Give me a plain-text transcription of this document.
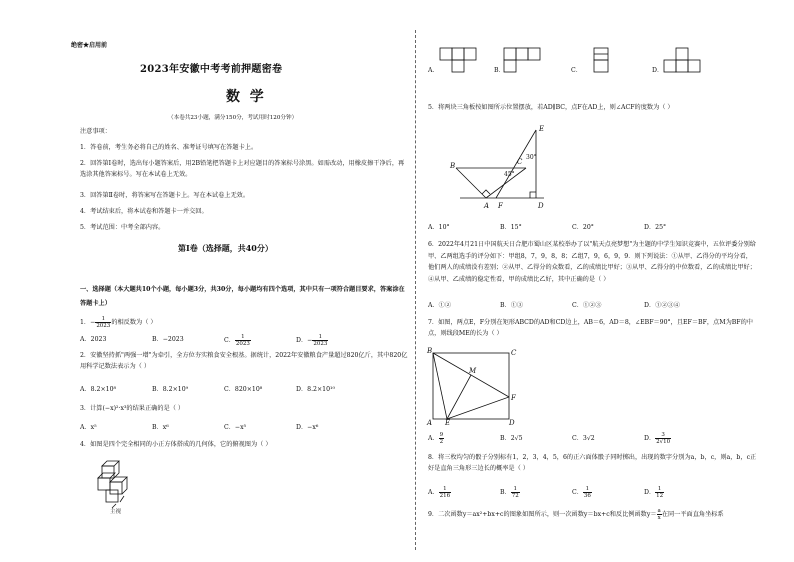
绝密★启用前
2023年安徽中考考前押题密卷
数  学
（本卷共23小题，满分150分，考试用时120分钟）
注意事项：
1．答卷前，考生务必将自己的姓名、准考证号填写在答题卡上。
2．回答第Ⅰ卷时，选出每小题答案后，用2B铅笔把答题卡上对应题目的答案标号涂黑。如需改动，用橡皮擦干净后，再选涂其他答案标号。写在本试卷上无效。
3．回答第Ⅱ卷时，将答案写在答题卡上。写在本试卷上无效。
4．考试结束后，将本试卷和答题卡一并交回。
5．考试范围：中考全部内容。
第Ⅰ卷（选择题，共40分）
一、选择题（本大题共10个小题，每小题3分，共30分，每小题均有四个选项，其中只有一项符合题目要求，答案涂在答题卡上）
1．− $\frac{1}{2023}$ 的相反数为（ ）
A．2023	B．−2023	C． $\frac{1}{2023}$	D．− $\frac{1}{2023}$
2．安徽坚持抓"两强一增"为牵引，全方位夯实粮食安全根基。据统计，2022年安徽粮食产量超过820亿斤，其中820亿用科学记数法表示为（ ）
A．8.2×10⁸	B．8.2×10⁹	C．820×10⁸	D．8.2×10¹⁰
3．计算(−x)²·x³的结果正确的是（ ）
A．x⁵	B．x⁶	C．−x⁵	D．−x⁶
4．如图是四个完全相同的小正方体搭成的几何体，它的俯视图为（ ）
主视
A．	B．	C．	D．
5．将两块三角板按如图所示位置摆放，若AD∥BC，点F在AD上，则∠ACF的度数为（ ）
B	C
E
A F	D
45°
30°
A．10°	B．15°	C．20°	D．25°
6．2022年4月21日中国航天日合肥市蜀山区某校举办了以"航天点亮梦想"为主题的中学生知识竞赛中，五位评委分别给甲、乙两组选手的评分如下：甲组8，7，9，8，8；乙组7，9，6，9，9．则下列说法：①从甲、乙得分的平均分看，他们两人的成绩没有差别；②从甲、乙得分的众数看，乙的成绩比甲好；③从甲、乙得分的中位数看，乙的成绩比甲好；④从甲、乙成绩的稳定性看，甲的成绩比乙好，其中正确的是（ ）
A．①②	B．①③	C．①②③	D．①②③④
7．如图，两点E，F分别在矩形ABCD的AD和CD边上，AB＝6，AD＝8，∠EBF＝90°，且EF＝BF，点M为BF的中点，则线段ME的长为（ ）
B	C
M
F
A E	D
A． $\frac{9}{2}$	B．2√5	C．3√2	D． $\frac{3}{2√10}$
8．将三枚均匀的骰子分别标有1，2，3，4，5，6的正六面体骰子同时掷出，出现的数字分别为a，b，c，则a，b，c正好是直角三角形三边长的概率是（ ）
A． $\frac{1}{216}$	B． $\frac{1}{72}$	C． $\frac{1}{36}$	D． $\frac{1}{12}$
9．二次函数y＝ax²+bx+c的图象如图所示，则一次函数y＝bx+c和反比例函数$y= \frac{a}{x}$ 在同一平面直角坐标系
